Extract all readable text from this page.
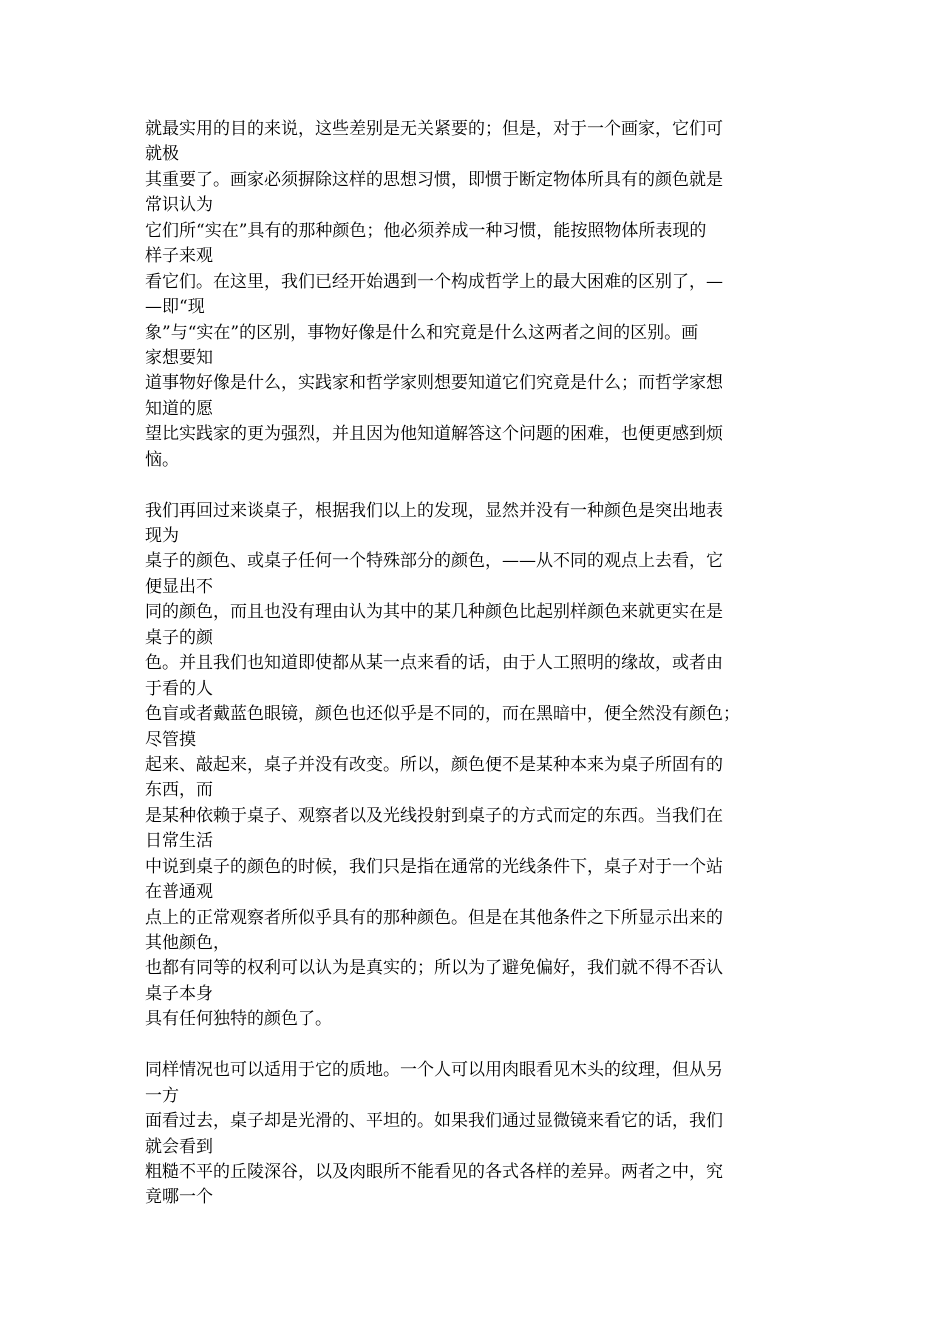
就最实用的目的来说，这些差别是无关紧要的；但是，对于一个画家，它们可
就极
其重要了。画家必须摒除这样的思想习惯，即惯于断定物体所具有的颜色就是
常识认为
它们所“实在”具有的那种颜色；他必须养成一种习惯，能按照物体所表现的
样子来观
看它们。在这里，我们已经开始遇到一个构成哲学上的最大困难的区别了，—
—即“现
象”与“实在”的区别，事物好像是什么和究竟是什么这两者之间的区别。画
家想要知
道事物好像是什么，实践家和哲学家则想要知道它们究竟是什么；而哲学家想
知道的愿
望比实践家的更为强烈，并且因为他知道解答这个问题的困难，也便更感到烦
恼。
我们再回过来谈桌子，根据我们以上的发现，显然并没有一种颜色是突出地表
现为
桌子的颜色、或桌子任何一个特殊部分的颜色，——从不同的观点上去看，它
便显出不
同的颜色，而且也没有理由认为其中的某几种颜色比起别样颜色来就更实在是
桌子的颜
色。并且我们也知道即使都从某一点来看的话，由于人工照明的缘故，或者由
于看的人
色盲或者戴蓝色眼镜，颜色也还似乎是不同的，而在黑暗中，便全然没有颜色；
尽管摸
起来、敲起来，桌子并没有改变。所以，颜色便不是某种本来为桌子所固有的
东西，而
是某种依赖于桌子、观察者以及光线投射到桌子的方式而定的东西。当我们在
日常生活
中说到桌子的颜色的时候，我们只是指在通常的光线条件下，桌子对于一个站
在普通观
点上的正常观察者所似乎具有的那种颜色。但是在其他条件之下所显示出来的
其他颜色，
也都有同等的权利可以认为是真实的；所以为了避免偏好，我们就不得不否认
桌子本身
具有任何独特的颜色了。
同样情况也可以适用于它的质地。一个人可以用肉眼看见木头的纹理，但从另
一方
面看过去，桌子却是光滑的、平坦的。如果我们通过显微镜来看它的话，我们
就会看到
粗糙不平的丘陵深谷，以及肉眼所不能看见的各式各样的差异。两者之中，究
竟哪一个
